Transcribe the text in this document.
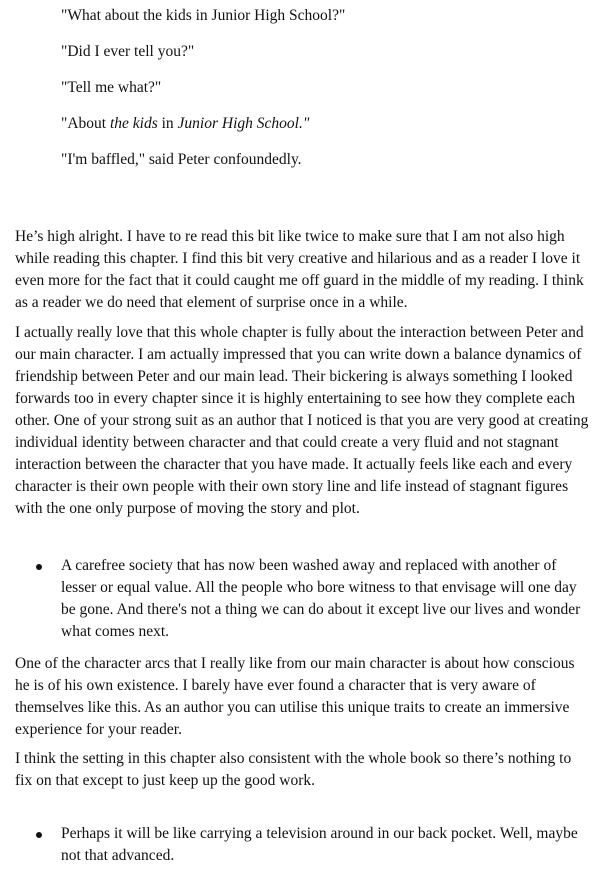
"What about the kids in Junior High School?"

"Did I ever tell you?"

"Tell me what?"

"About the kids in Junior High School."

"I'm baffled," said Peter confoundedly.

He’s high alright. I have to re read this bit like twice to make sure that I am not also high while reading this chapter. I find this bit very creative and hilarious and as a reader I love it even more for the fact that it could caught me off guard in the middle of my reading. I think as a reader we do need that element of surprise once in a while.

I actually really love that this whole chapter is fully about the interaction between Peter and our main character. I am actually impressed that you can write down a balance dynamics of friendship between Peter and our main lead. Their bickering is always something I looked forwards too in every chapter since it is highly entertaining to see how they complete each other. One of your strong suit as an author that I noticed is that you are very good at creating individual identity between character and that could create a very fluid and not stagnant interaction between the character that you have made. It actually feels like each and every character is their own people with their own story line and life instead of stagnant figures with the one only purpose of moving the story and plot.

A carefree society that has now been washed away and replaced with another of lesser or equal value. All the people who bore witness to that envisage will one day be gone. And there's not a thing we can do about it except live our lives and wonder what comes next.

One of the character arcs that I really like from our main character is about how conscious he is of his own existence. I barely have ever found a character that is very aware of themselves like this. As an author you can utilise this unique traits to create an immersive experience for your reader.

I think the setting in this chapter also consistent with the whole book so there’s nothing to fix on that except to just keep up the good work.

Perhaps it will be like carrying a television around in our back pocket. Well, maybe not that advanced.
